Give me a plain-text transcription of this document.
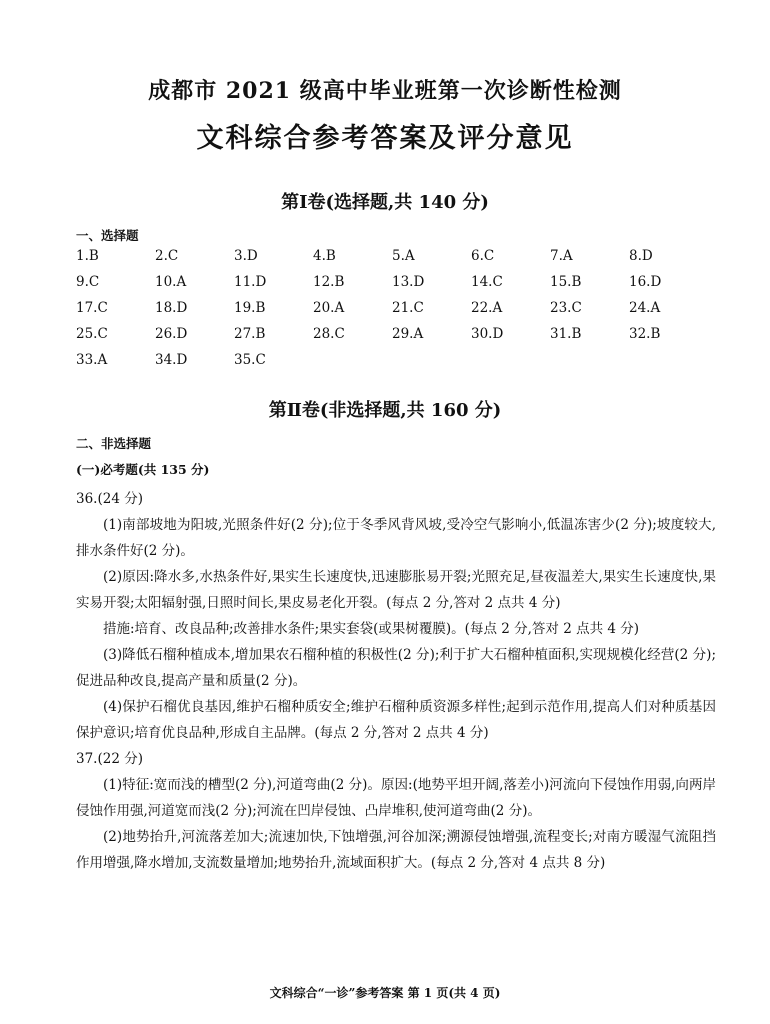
成都市 2021 级高中毕业班第一次诊断性检测
文科综合参考答案及评分意见
第Ⅰ卷(选择题,共 140 分)
一、选择题
1.B	2.C	3.D	4.B	5.A	6.C	7.A	8.D
9.C	10.A	11.D	12.B	13.D	14.C	15.B	16.D
17.C	18.D	19.B	20.A	21.C	22.A	23.C	24.A
25.C	26.D	27.B	28.C	29.A	30.D	31.B	32.B
33.A	34.D	35.C
第Ⅱ卷(非选择题,共 160 分)
二、非选择题
(一)必考题(共 135 分)

36.(24 分)

(1)南部坡地为阳坡,光照条件好(2 分);位于冬季风背风坡,受冷空气影响小,低温冻害少(2 分);坡度较大,排水条件好(2 分)。

(2)原因:降水多,水热条件好,果实生长速度快,迅速膨胀易开裂;光照充足,昼夜温差大,果实生长速度快,果实易开裂;太阳辐射强,日照时间长,果皮易老化开裂。(每点 2 分,答对 2 点共 4 分)

措施:培育、改良品种;改善排水条件;果实套袋(或果树覆膜)。(每点 2 分,答对 2 点共 4 分)

(3)降低石榴种植成本,增加果农石榴种植的积极性(2 分);利于扩大石榴种植面积,实现规模化经营(2 分);促进品种改良,提高产量和质量(2 分)。

(4)保护石榴优良基因,维护石榴种质安全;维护石榴种质资源多样性;起到示范作用,提高人们对种质基因保护意识;培育优良品种,形成自主品牌。(每点 2 分,答对 2 点共 4 分)

37.(22 分)

(1)特征:宽而浅的槽型(2 分),河道弯曲(2 分)。原因:(地势平坦开阔,落差小)河流向下侵蚀作用弱,向两岸侵蚀作用强,河道宽而浅(2 分);河流在凹岸侵蚀、凸岸堆积,使河道弯曲(2 分)。

(2)地势抬升,河流落差加大;流速加快,下蚀增强,河谷加深;溯源侵蚀增强,流程变长;对南方暖湿气流阻挡作用增强,降水增加,支流数量增加;地势抬升,流域面积扩大。(每点 2 分,答对 4 点共 8 分)

文科综合“一诊”参考答案 第 1 页(共 4 页)
